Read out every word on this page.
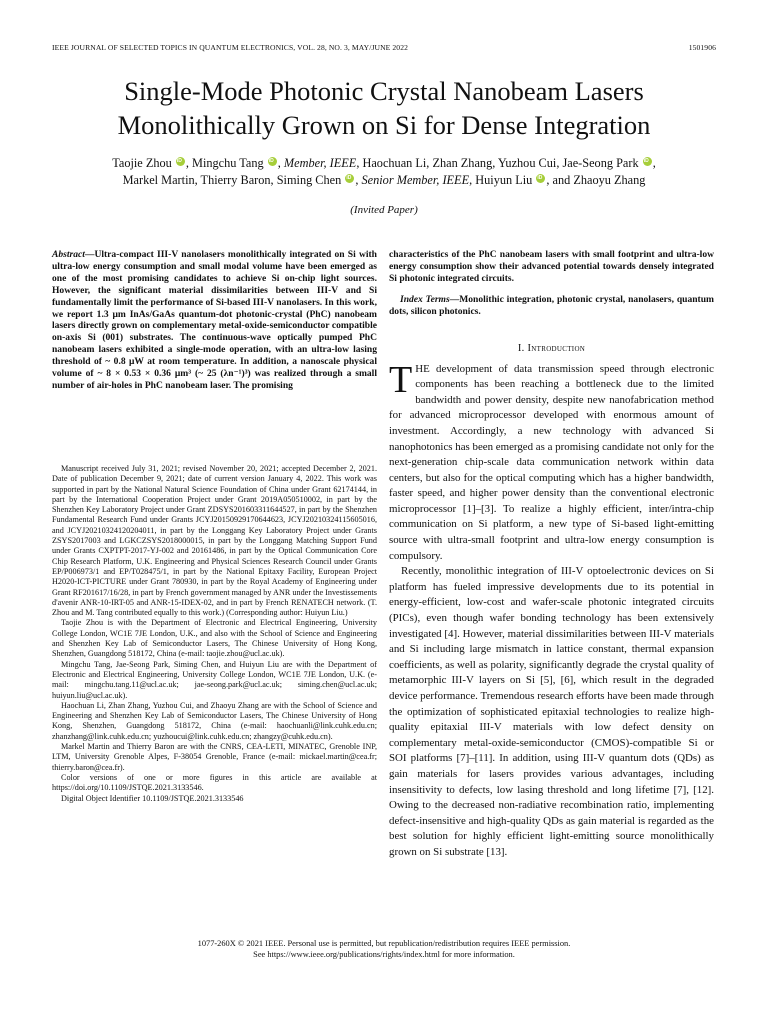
IEEE JOURNAL OF SELECTED TOPICS IN QUANTUM ELECTRONICS, VOL. 28, NO. 3, MAY/JUNE 2022	1501906
Single-Mode Photonic Crystal Nanobeam Lasers
Monolithically Grown on Si for Dense Integration
Taojie Zhou iD , Mingchu Tang iD , Member, IEEE, Haochuan Li, Zhan Zhang, Yuzhou Cui, Jae-Seong Park iD ,
Markel Martin, Thierry Baron, Siming Chen iD , Senior Member, IEEE, Huiyun Liu iD , and Zhaoyu Zhang
(Invited Paper)
Abstract—Ultra-compact III-V nanolasers monolithically integrated on Si with ultra-low energy consumption and small modal volume have been emerged as one of the most promising candidates to achieve Si on-chip light sources. However, the significant material dissimilarities between III-V and Si fundamentally limit the performance of Si-based III-V nanolasers. In this work, we report 1.3 μm InAs/GaAs quantum-dot photonic-crystal (PhC) nanobeam lasers directly grown on complementary metal-oxide-semiconductor compatible on-axis Si (001) substrates. The continuous-wave optically pumped PhC nanobeam lasers exhibited a single-mode operation, with an ultra-low lasing threshold of ~ 0.8 μW at room temperature. In addition, a nanoscale physical volume of ~ 8 × 0.53 × 0.36 μm³ (~ 25 (λn⁻¹)³) was realized through a small number of air-holes in PhC nanobeam laser. The promising

Manuscript received July 31, 2021; revised November 20, 2021; accepted December 2, 2021. Date of publication December 9, 2021; date of current version January 4, 2022. This work was supported in part by the National Natural Science Foundation of China under Grant 62174144, in part by the International Cooperation Project under Grant 2019A050510002, in part by the Shenzhen Key Laboratory Project under Grant ZDSYS201603311644527, in part by the Shenzhen Fundamental Research Fund under Grants JCYJ20150929170644623, JCYJ20210324115605016, and JCYJ20210324120204011, in part by the Longgang Key Laboratory Project under Grants ZSYS2017003 and LGKCZSYS2018000015, in part by the Longgang Matching Support Fund under Grants CXPTPT-2017-YJ-002 and 20161486, in part by the Optical Communication Core Chip Research Platform, U.K. Engineering and Physical Sciences Research Council under Grants EP/P006973/1 and EP/T028475/1, in part by the National Epitaxy Facility, European Project H2020-ICT-PICTURE under Grant 780930, in part by the Royal Academy of Engineering under Grant RF201617/16/28, in part by French government managed by ANR under the Investissements d'avenir ANR-10-IRT-05 and ANR-15-IDEX-02, and in part by French RENATECH network. (T. Zhou and M. Tang contributed equally to this work.) (Corresponding author: Huiyun Liu.)

Taojie Zhou is with the Department of Electronic and Electrical Engineering, University College London, WC1E 7JE London, U.K., and also with the School of Science and Engineering and Shenzhen Key Lab of Semiconductor Lasers, The Chinese University of Hong Kong, Shenzhen, Guangdong 518172, China (e-mail: taojie.zhou@ucl.ac.uk).

Mingchu Tang, Jae-Seong Park, Siming Chen, and Huiyun Liu are with the Department of Electronic and Electrical Engineering, University College London, WC1E 7JE London, U.K. (e-mail: mingchu.tang.11@ucl.ac.uk; jae-seong.park@ucl.ac.uk; siming.chen@ucl.ac.uk; huiyun.liu@ucl.ac.uk).

Haochuan Li, Zhan Zhang, Yuzhou Cui, and Zhaoyu Zhang are with the School of Science and Engineering and Shenzhen Key Lab of Semiconductor Lasers, The Chinese University of Hong Kong, Shenzhen, Guangdong 518172, China (e-mail: haochuanli@link.cuhk.edu.cn; zhanzhang@link.cuhk.edu.cn; yuzhoucui@link.cuhk.edu.cn; zhangzy@cuhk.edu.cn).

Markel Martin and Thierry Baron are with the CNRS, CEA-LETI, MINATEC, Grenoble INP, LTM, University Grenoble Alpes, F-38054 Grenoble, France (e-mail: mickael.martin@cea.fr; thierry.baron@cea.fr).

Color versions of one or more figures in this article are available at https://doi.org/10.1109/JSTQE.2021.3133546.

Digital Object Identifier 10.1109/JSTQE.2021.3133546

characteristics of the PhC nanobeam lasers with small footprint and ultra-low energy consumption show their advanced potential towards densely integrated Si photonic integrated circuits.
Index Terms—Monolithic integration, photonic crystal, nanolasers, quantum dots, silicon photonics.
I. Introduction

THE development of data transmission speed through electronic components has been reaching a bottleneck due to the limited bandwidth and power density, despite new nanofabrication method for advanced microprocessor developed with enormous amount of investment. Accordingly, a new technology with advanced Si nanophotonics has been emerged as a promising candidate not only for the next-generation chip-scale data communication network within data centers, but also for the optical computing which has a higher bandwidth, faster speed, and higher power density than the conventional electronic microprocessor [1]–[3]. To realize a highly efficient, inter/intra-chip communication on Si platform, a new type of Si-based light-emitting source with ultra-small footprint and ultra-low energy consumption is compulsory.

Recently, monolithic integration of III-V optoelectronic devices on Si platform has fueled impressive developments due to its potential in energy-efficient, low-cost and wafer-scale photonic integrated circuits (PICs), even though wafer bonding technology has been extensively investigated [4]. However, material dissimilarities between III-V materials and Si including large mismatch in lattice constant, thermal expansion coefficients, as well as polarity, significantly degrade the crystal quality of metamorphic III-V layers on Si [5], [6], which result in the degraded device performance. Tremendous research efforts have been made through the optimization of sophisticated epitaxial technologies to realize high-quality epitaxial III-V materials with low defect density on complementary metal-oxide-semiconductor (CMOS)-compatible Si or SOI platforms [7]–[11]. In addition, using III-V quantum dots (QDs) as gain materials for lasers provides various advantages, including insensitivity to defects, low lasing threshold and long lifetime [7], [12]. Owing to the decreased non-radiative recombination ratio, implementing defect-insensitive and high-quality QDs as gain material is regarded as the best solution for highly efficient light-emitting source monolithically grown on Si substrate [13].

1077-260X © 2021 IEEE. Personal use is permitted, but republication/redistribution requires IEEE permission.
See https://www.ieee.org/publications/rights/index.html for more information.
